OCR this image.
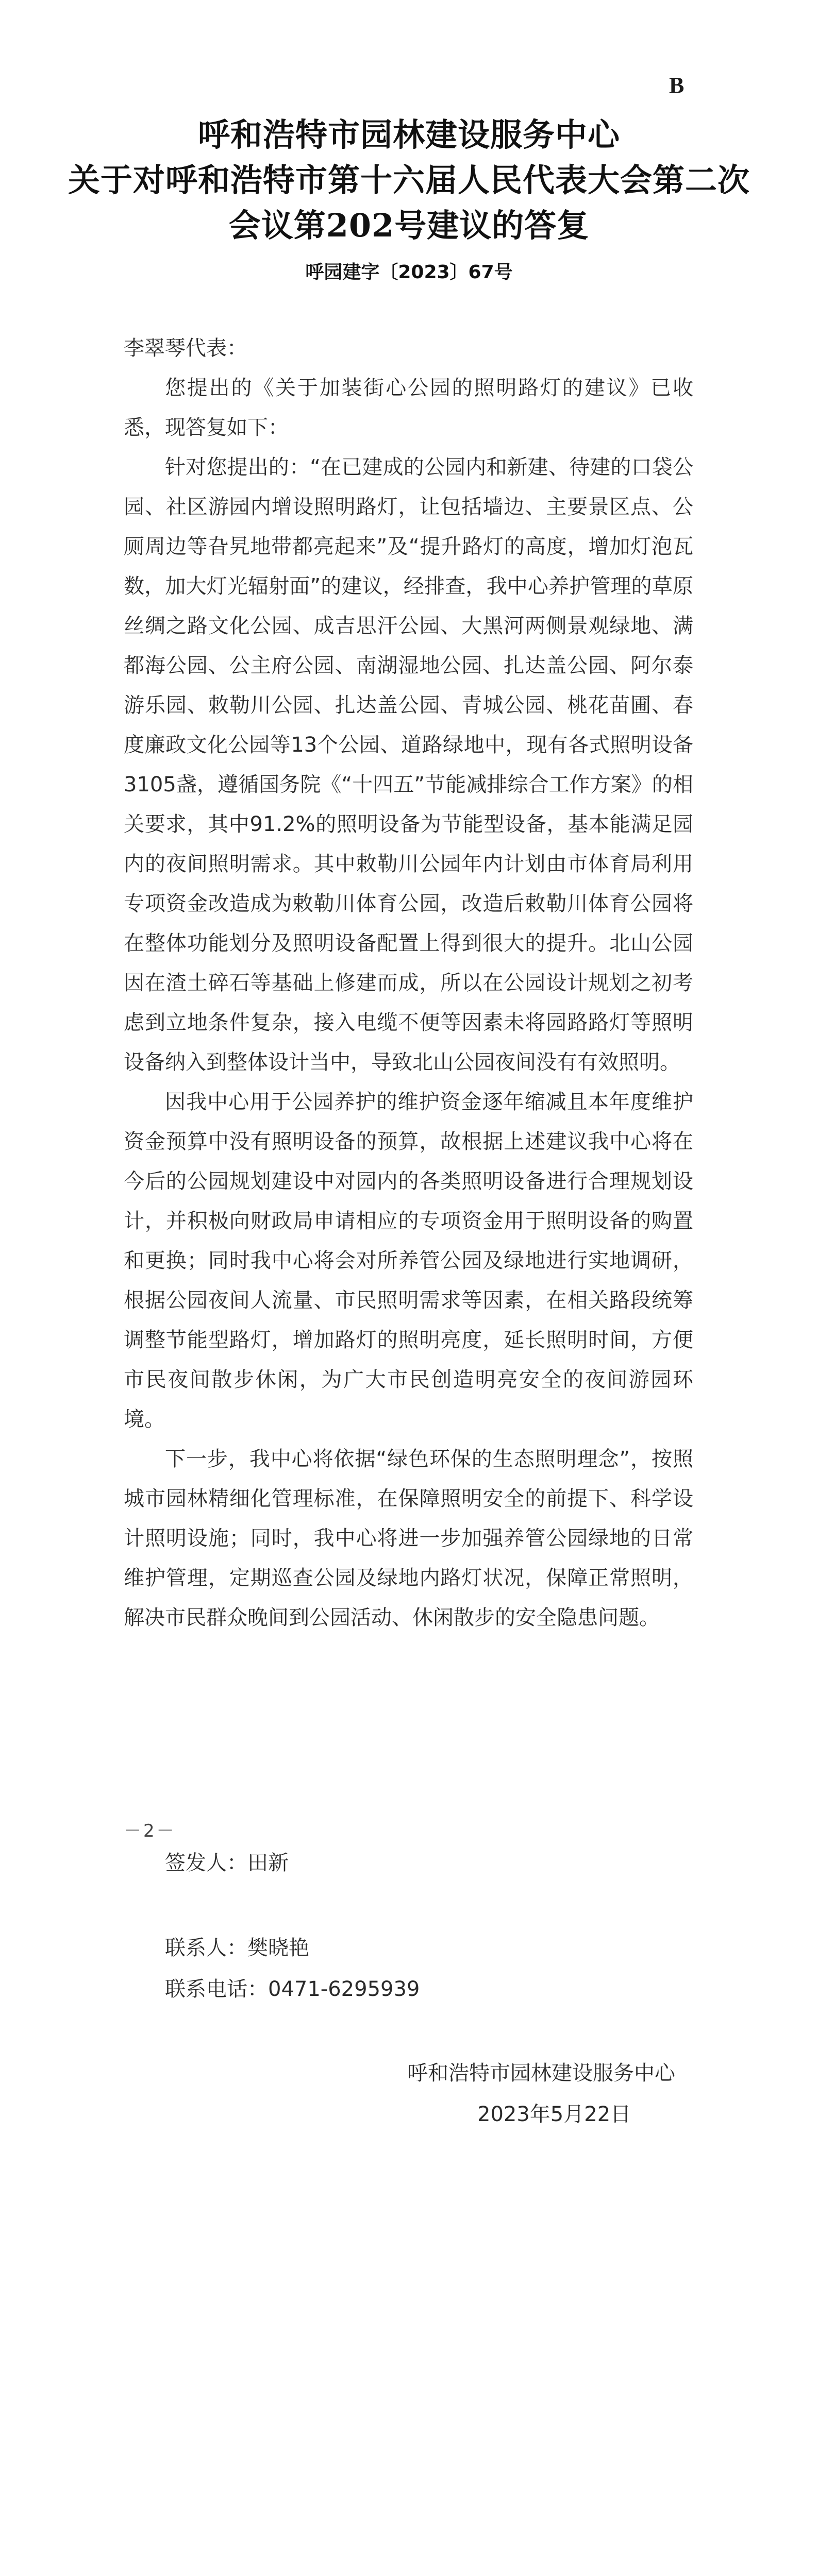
B

呼和浩特市园林建设服务中心

关于对呼和浩特市第十六届人民代表大会第二次

会议第202号建议的答复

呼园建字〔2023〕67号

李翠琴代表：

您提出的《关于加装街心公园的照明路灯的建议》已收悉，现答复如下：

针对您提出的：“在已建成的公园内和新建、待建的口袋公园、社区游园内增设照明路灯，让包括墙边、主要景区点、公厕周边等旮旯地带都亮起来”及“提升路灯的高度，增加灯泡瓦数，加大灯光辐射面”的建议，经排查，我中心养护管理的草原丝绸之路文化公园、成吉思汗公园、大黑河两侧景观绿地、满都海公园、公主府公园、南湖湿地公园、扎达盖公园、阿尔泰游乐园、敕勒川公园、扎达盖公园、青城公园、桃花苗圃、春度廉政文化公园等13个公园、道路绿地中，现有各式照明设备3105盏，遵循国务院《“十四五”节能减排综合工作方案》的相关要求，其中91.2%的照明设备为节能型设备，基本能满足园内的夜间照明需求。其中敕勒川公园年内计划由市体育局利用专项资金改造成为敕勒川体育公园，改造后敕勒川体育公园将在整体功能划分及照明设备配置上得到很大的提升。北山公园因在渣土碎石等基础上修建而成，所以在公园设计规划之初考虑到立地条件复杂，接入电缆不便等因素未将园路路灯等照明设备纳入到整体设计当中，导致北山公园夜间没有有效照明。

因我中心用于公园养护的维护资金逐年缩减且本年度维护资金预算中没有照明设备的预算，故根据上述建议我中心将在今后的公园规划建设中对园内的各类照明设备进行合理规划设计，并积极向财政局申请相应的专项资金用于照明设备的购置和更换；同时我中心将会对所养管公园及绿地进行实地调研，根据公园夜间人流量、市民照明需求等因素，在相关路段统筹调整节能型路灯，增加路灯的照明亮度，延长照明时间，方便市民夜间散步休闲，为广大市民创造明亮安全的夜间游园环境。

下一步，我中心将依据“绿色环保的生态照明理念”，按照城市园林精细化管理标准，在保障照明安全的前提下、科学设计照明设施；同时，我中心将进一步加强养管公园绿地的日常维护管理，定期巡查公园及绿地内路灯状况，保障正常照明，解决市民群众晚间到公园活动、休闲散步的安全隐患问题。

－2－
签发人：田新
联系人：樊晓艳
联系电话：0471-6295939
呼和浩特市园林建设服务中心
2023年5月22日
